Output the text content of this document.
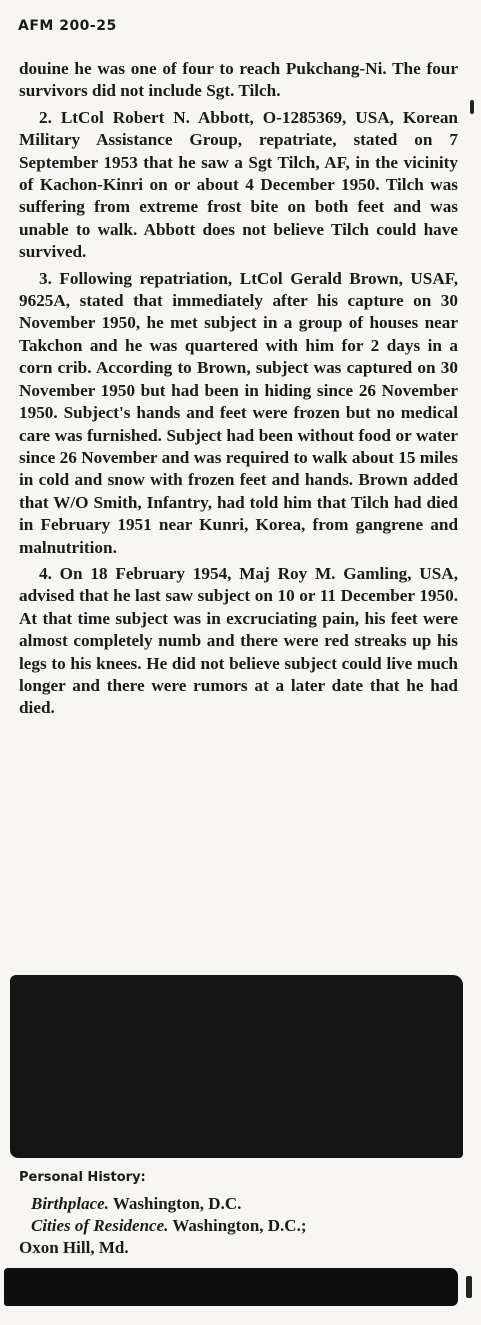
AFM 200-25

douine he was one of four to reach Pukchang-Ni. The four survivors did not include Sgt. Tilch.

2. LtCol Robert N. Abbott, O-1285369, USA, Korean Military Assistance Group, repatriate, stated on 7 September 1953 that he saw a Sgt Tilch, AF, in the vicinity of Kachon-Kinri on or about 4 December 1950. Tilch was suffering from extreme frost bite on both feet and was unable to walk. Abbott does not believe Tilch could have survived.

3. Following repatriation, LtCol Gerald Brown, USAF, 9625A, stated that immediately after his capture on 30 November 1950, he met subject in a group of houses near Takchon and he was quartered with him for 2 days in a corn crib. According to Brown, subject was captured on 30 November 1950 but had been in hiding since 26 November 1950. Subject's hands and feet were frozen but no medical care was furnished. Subject had been without food or water since 26 November and was required to walk about 15 miles in cold and snow with frozen feet and hands. Brown added that W/O Smith, Infantry, had told him that Tilch had died in February 1951 near Kunri, Korea, from gangrene and malnutrition.

4. On 18 February 1954, Maj Roy M. Gamling, USA, advised that he last saw subject on 10 or 11 December 1950. At that time subject was in excruciating pain, his feet were almost completely numb and there were red streaks up his legs to his knees. He did not believe subject could live much longer and there were rumors at a later date that he had died.

Personal History:
Birthplace. Washington, D.C.
Cities of Residence. Washington, D.C.;
Oxon Hill, Md.
